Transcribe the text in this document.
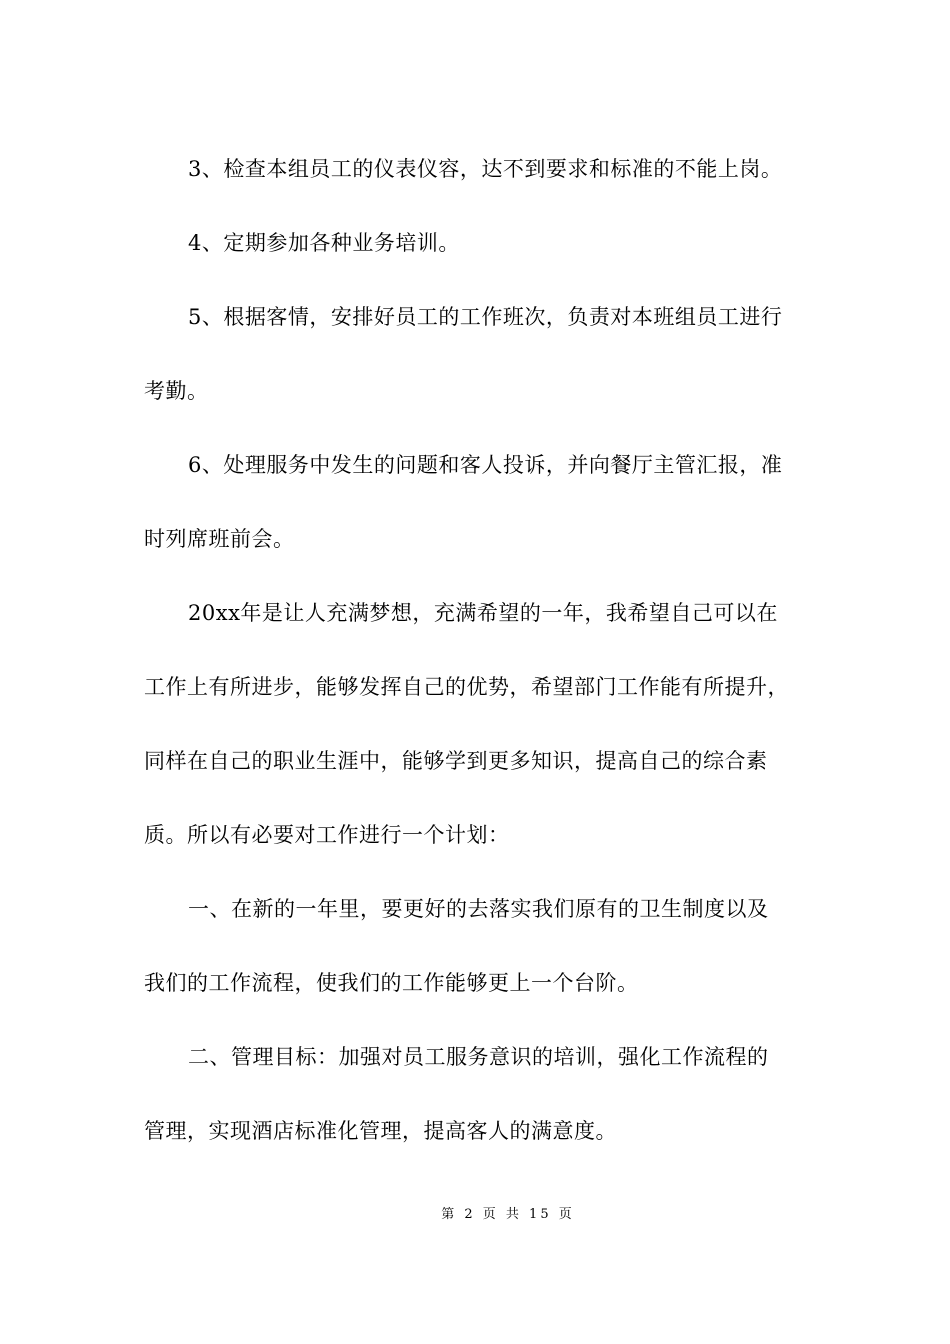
3、检查本组员工的仪表仪容，达不到要求和标准的不能上岗。
4、定期参加各种业务培训。
5、根据客情，安排好员工的工作班次，负责对本班组员工进行
考勤。
6、处理服务中发生的问题和客人投诉，并向餐厅主管汇报，准
时列席班前会。
20xx年是让人充满梦想，充满希望的一年，我希望自己可以在
工作上有所进步，能够发挥自己的优势，希望部门工作能有所提升，
同样在自己的职业生涯中，能够学到更多知识，提高自己的综合素
质。所以有必要对工作进行一个计划：
一、在新的一年里，要更好的去落实我们原有的卫生制度以及
我们的工作流程，使我们的工作能够更上一个台阶。
二、管理目标：加强对员工服务意识的培训，强化工作流程的
管理，实现酒店标准化管理，提高客人的满意度。
第 2 页 共 15 页
